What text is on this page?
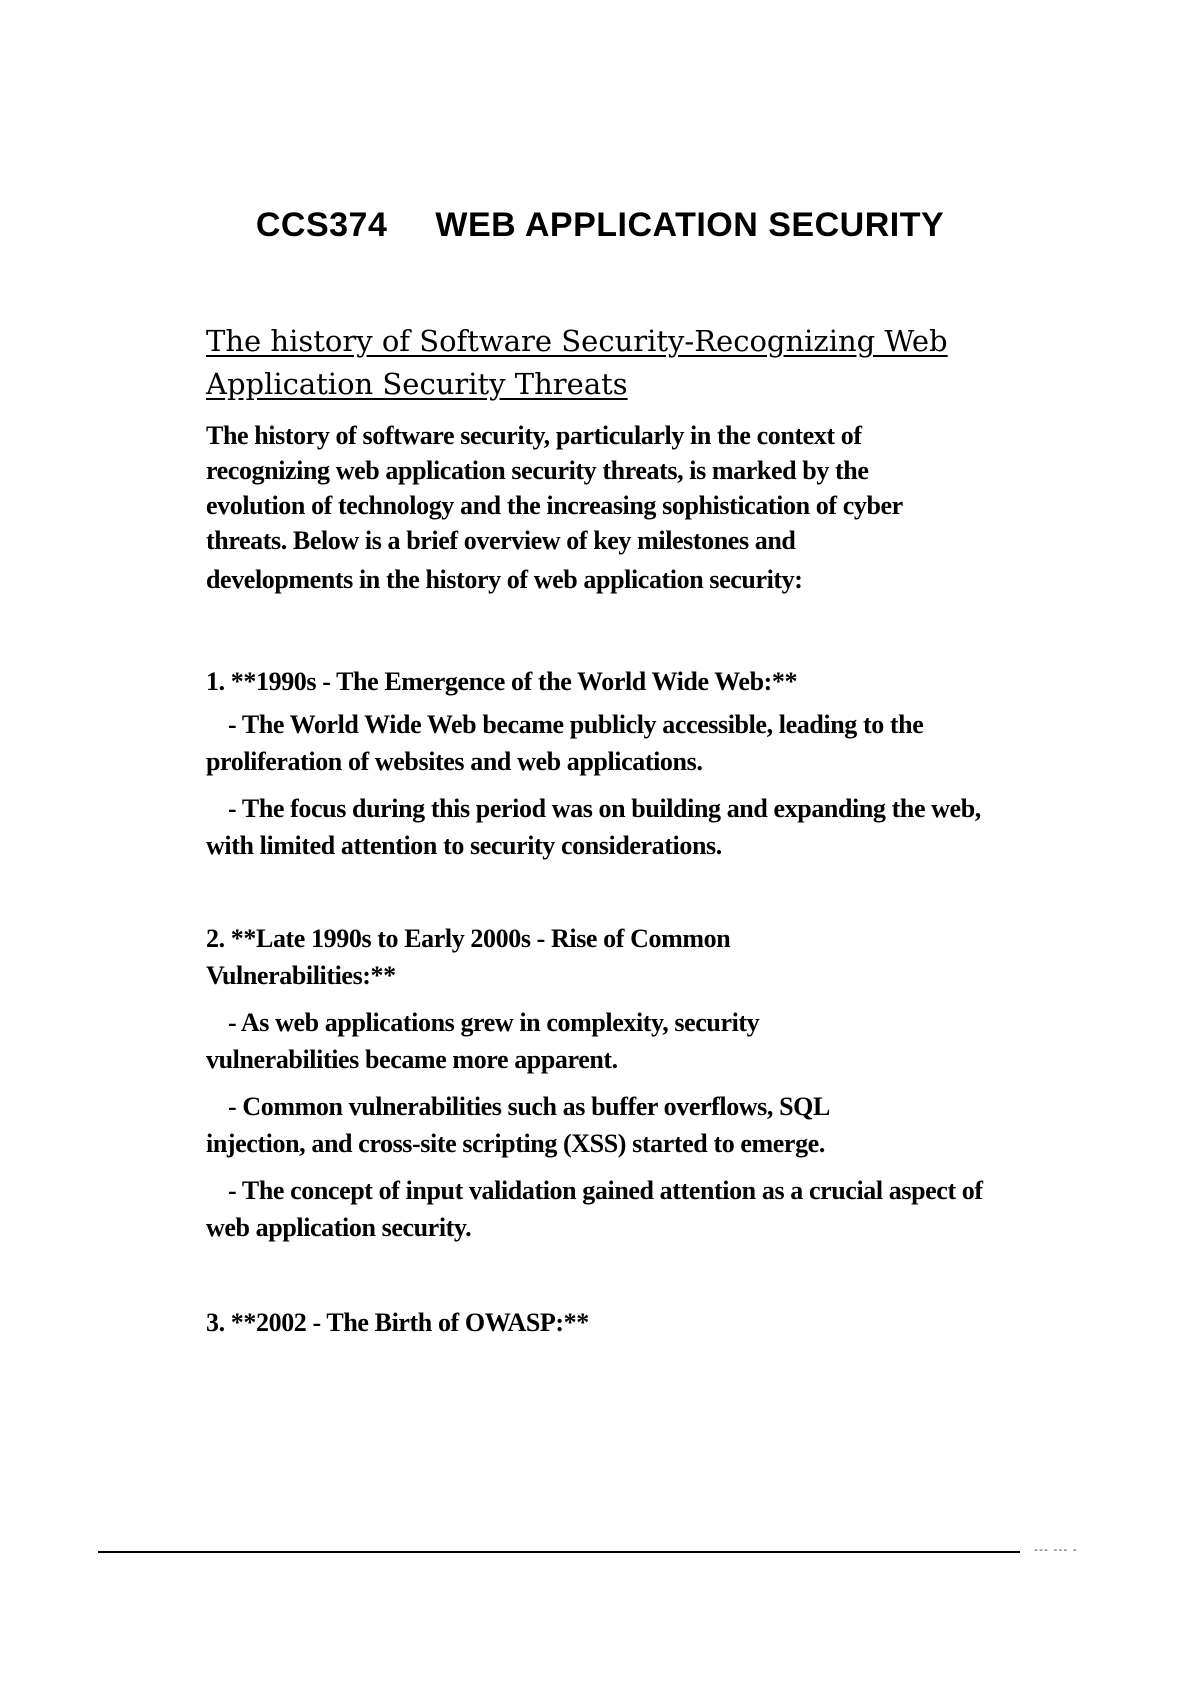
CCS374 WEB APPLICATION SECURITY
The history of Software Security-Recognizing Web Application Security Threats
The history of software security, particularly in the context of
recognizing web application security threats, is marked by the
evolution of technology and the increasing sophistication of cyber
threats. Below is a brief overview of key milestones and
developments in the history of web application security:
1. **1990s - The Emergence of the World Wide Web:**
- The World Wide Web became publicly accessible, leading to the proliferation of websites and web applications.
- The focus during this period was on building and expanding the web, with limited attention to security considerations.
2. **Late 1990s to Early 2000s - Rise of Common Vulnerabilities:**
- As web applications grew in complexity, security vulnerabilities became more apparent.
- Common vulnerabilities such as buffer overflows, SQL injection, and cross-site scripting (XSS) started to emerge.
- The concept of input validation gained attention as a crucial aspect of web application security.
3. **2002 - The Birth of OWASP:**
--- --- -
